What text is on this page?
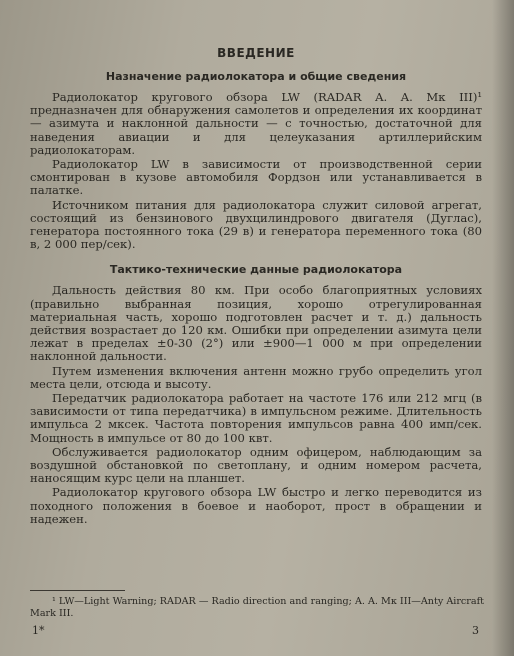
ВВЕДЕНИЕ
Назначение радиолокатора и общие сведения

Радиолокатор кругового обзора LW (RADAR A. A. Мк III)¹ предназначен для обнаружения самолетов и определения их координат — азимута и наклонной дальности — с точностью, достаточной для наведения авиации и для целеуказания артиллерийским радиолокаторам.

Радиолокатор LW в зависимости от производственной серии смонтирован в кузове автомобиля Фордзон или устанавливается в палатке.

Источником питания для радиолокатора служит силовой агрегат, состоящий из бензинового двухцилиндрового двигателя (Дуглас), генератора постоянного тока (29 в) и генератора переменного тока (80 в, 2 000 пер/сек).

Тактико-технические данные радиолокатора

Дальность действия 80 км. При особо благоприятных условиях (правильно выбранная позиция, хорошо отрегулированная материальная часть, хорошо подготовлен расчет и т. д.) дальность действия возрастает до 120 км. Ошибки при определении азимута цели лежат в пределах ±0-30 (2°) или ±900—1 000 м при определении наклонной дальности.

Путем изменения включения антенн можно грубо определить угол места цели, отсюда и высоту.

Передатчик радиолокатора работает на частоте 176 или 212 мгц (в зависимости от типа передатчика) в импульсном режиме. Длительность импульса 2 мксек. Частота повторения импульсов равна 400 имп/сек. Мощность в импульсе от 80 до 100 квт.

Обслуживается радиолокатор одним офицером, наблюдающим за воздушной обстановкой по светоплану, и одним номером расчета, наносящим курс цели на планшет.

Радиолокатор кругового обзора LW быстро и легко переводится из походного положения в боевое и наоборот, прост в обращении и надежен.

¹ LW—Light Warning; RADAR — Radio direction and ranging; A. A. Мк III—Anty Aircraft Mark III.

1*	3
